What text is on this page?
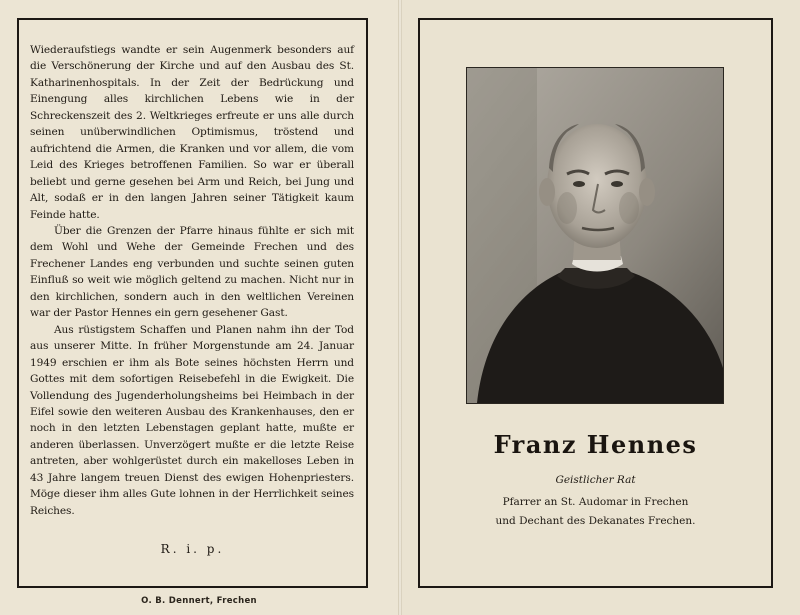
Wiederaufstiegs wandte er sein Augenmerk besonders auf die Verschönerung der Kirche und auf den Ausbau des St. Katharinenhospitals. In der Zeit der Bedrückung und Einengung alles kirchlichen Lebens wie in der Schreckenszeit des 2. Weltkrieges erfreute er uns alle durch seinen unüberwindlichen Optimismus, tröstend und aufrichtend die Armen, die Kranken und vor allem, die vom Leid des Krieges betroffenen Familien. So war er überall beliebt und gerne gesehen bei Arm und Reich, bei Jung und Alt, sodaß er in den langen Jahren seiner Tätigkeit kaum Feinde hatte.

Über die Grenzen der Pfarre hinaus fühlte er sich mit dem Wohl und Wehe der Gemeinde Frechen und des Frechener Landes eng verbunden und suchte seinen guten Einfluß so weit wie möglich geltend zu machen. Nicht nur in den kirchlichen, sondern auch in den weltlichen Vereinen war der Pastor Hennes ein gern gesehener Gast.

Aus rüstigstem Schaffen und Planen nahm ihn der Tod aus unserer Mitte. In früher Morgenstunde am 24. Januar 1949 erschien er ihm als Bote seines höchsten Herrn und Gottes mit dem sofortigen Reisebefehl in die Ewigkeit. Die Vollendung des Jugenderholungsheims bei Heimbach in der Eifel sowie den weiteren Ausbau des Krankenhauses, den er noch in den letzten Lebenstagen geplant hatte, mußte er anderen überlassen. Unverzögert mußte er die letzte Reise antreten, aber wohlgerüstet durch ein makelloses Leben in 43 Jahre langem treuen Dienst des ewigen Hohenpriesters. Möge dieser ihm alles Gute lohnen in der Herrlichkeit seines Reiches.

R. i. p.
O. B. Dennert, Frechen
Franz Hennes
Geistlicher Rat
Pfarrer an St. Audomar in Frechen
und Dechant des Dekanates Frechen.
